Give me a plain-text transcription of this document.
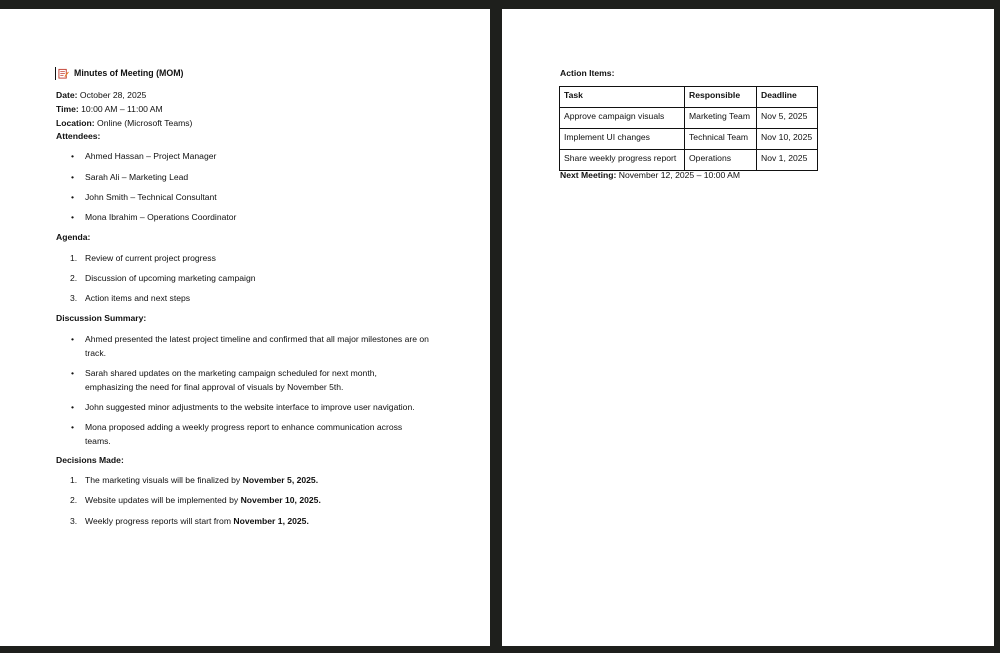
Minutes of Meeting (MOM)
Date: October 28, 2025
Time: 10:00 AM – 11:00 AM
Location: Online (Microsoft Teams)
Attendees:
• Ahmed Hassan – Project Manager
• Sarah Ali – Marketing Lead
• John Smith – Technical Consultant
• Mona Ibrahim – Operations Coordinator
Agenda:
1. Review of current project progress
2. Discussion of upcoming marketing campaign
3. Action items and next steps
Discussion Summary:
• Ahmed presented the latest project timeline and confirmed that all major milestones are on track.
• Sarah shared updates on the marketing campaign scheduled for next month, emphasizing the need for final approval of visuals by November 5th.
• John suggested minor adjustments to the website interface to improve user navigation.
• Mona proposed adding a weekly progress report to enhance communication across teams.
Decisions Made:
1. The marketing visuals will be finalized by November 5, 2025.
2. Website updates will be implemented by November 10, 2025.
3. Weekly progress reports will start from November 1, 2025.
Action Items:
Task	Responsible	Deadline
Approve campaign visuals	Marketing Team	Nov 5, 2025
Implement UI changes	Technical Team	Nov 10, 2025
Share weekly progress report	Operations	Nov 1, 2025
Next Meeting: November 12, 2025 – 10:00 AM
